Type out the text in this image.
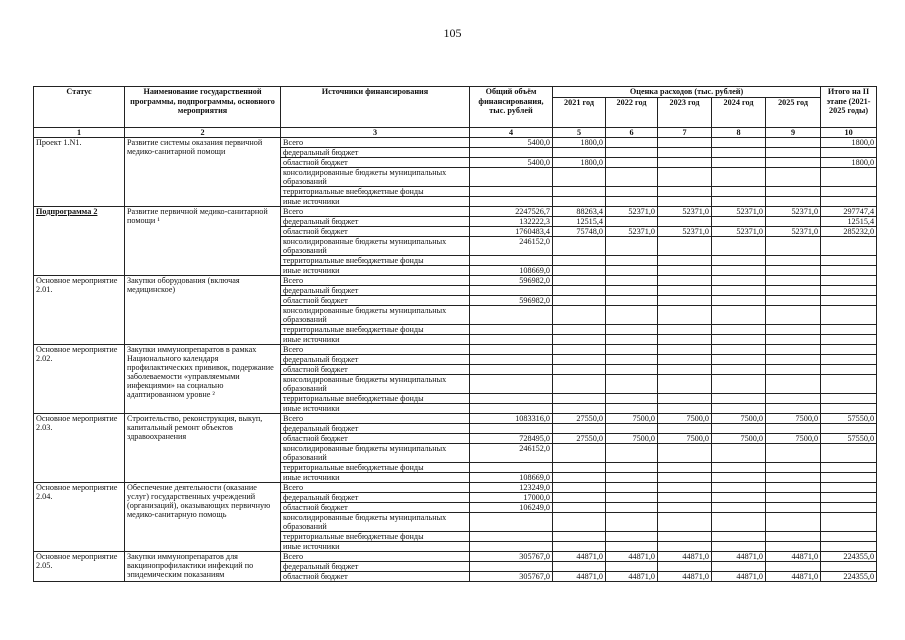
105
Статус	Наименование государственной программы, подпрограммы, основного мероприятия	Источники финансирования	Общий объём финансирования, тыс. рублей	Оценка расходов (тыс. рублей)					Итого на II этапе (2021-2025 годы)
				2021 год	2022 год	2023 год	2024 год	2025 год	
1	2	3	4	5	6	7	8	9	10
Проект 1.N1.	Развитие системы оказания первичной медико-санитарной помощи	Всего	5400,0	1800,0					1800,0
		федеральный бюджет							
		областной бюджет	5400,0	1800,0					1800,0
		консолидированные бюджеты муниципальных образований							
		территориальные внебюджетные фонды							
		иные источники							
Подпрограмма 2	Развитие первичной медико-санитарной помощи ¹	Всего	2247526,7	88263,4	52371,0	52371,0	52371,0	52371,0	297747,4
		федеральный бюджет	132222,3	12515,4					12515,4
		областной бюджет	1760483,4	75748,0	52371,0	52371,0	52371,0	52371,0	285232,0
		консолидированные бюджеты муниципальных образований	246152,0						
		территориальные внебюджетные фонды							
		иные источники	108669,0						
Основное мероприятие 2.01.	Закупки оборудования (включая медицинское)	Всего	596982,0						
		федеральный бюджет							
		областной бюджет	596982,0						
		консолидированные бюджеты муниципальных образований							
		территориальные внебюджетные фонды							
		иные источники							
Основное мероприятие 2.02.	Закупки иммунопрепаратов в рамках Национального календаря профилактических прививок, подержание заболеваемости «управляемыми инфекциями» на социально адаптированном уровне ²	Всего							
		федеральный бюджет							
		областной бюджет							
		консолидированные бюджеты муниципальных образований							
		территориальные внебюджетные фонды							
		иные источники							
Основное мероприятие 2.03.	Строительство, реконструкция, выкуп, капитальный ремонт объектов здравоохранения	Всего	1083316,0	27550,0	7500,0	7500,0	7500,0	7500,0	57550,0
		федеральный бюджет							
		областной бюджет	728495,0	27550,0	7500,0	7500,0	7500,0	7500,0	57550,0
		консолидированные бюджеты муниципальных образований	246152,0						
		территориальные внебюджетные фонды							
		иные источники	108669,0						
Основное мероприятие 2.04.	Обеспечение деятельности (оказание услуг) государственных учреждений (организаций), оказывающих первичную медико-санитарную помощь	Всего	123249,0						
		федеральный бюджет	17000,0						
		областной бюджет	106249,0						
		консолидированные бюджеты муниципальных образований							
		территориальные внебюджетные фонды							
		иные источники							
Основное мероприятие 2.05.	Закупки иммунопрепаратов для вакцинопрофилактики инфекций по эпидемическим показаниям	Всего	305767,0	44871,0	44871,0	44871,0	44871,0	44871,0	224355,0
		федеральный бюджет							
		областной бюджет	305767,0	44871,0	44871,0	44871,0	44871,0	44871,0	224355,0
